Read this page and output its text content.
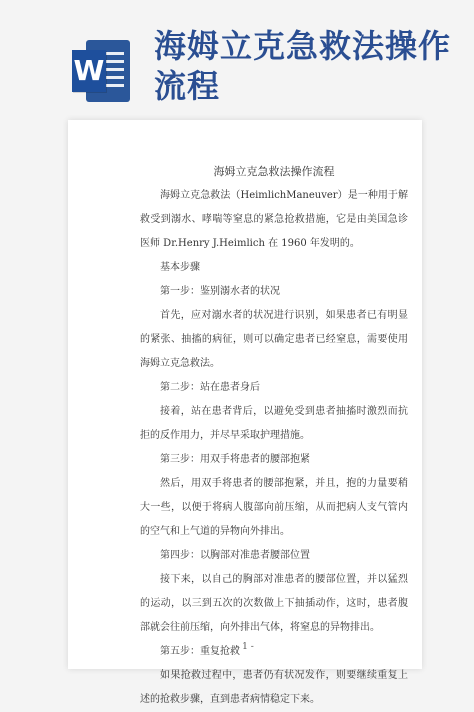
W
海姆立克急救法操作流程

海姆立克急救法操作流程

海姆立克急救法（HeimlichManeuver）是一种用于解救受到溺水、哮喘等窒息的紧急抢救措施，它是由美国急诊医师 Dr.Henry J.Heimlich 在 1960 年发明的。

基本步骤

第一步：鉴别溺水者的状况

首先，应对溺水者的状况进行识别，如果患者已有明显的紧张、抽搐的病征，则可以确定患者已经窒息，需要使用海姆立克急救法。

第二步：站在患者身后

接着，站在患者背后，以避免受到患者抽搐时激烈而抗拒的反作用力，并尽早采取护理措施。

第三步：用双手将患者的腰部抱紧

然后，用双手将患者的腰部抱紧，并且，抱的力量要稍大一些，以便于将病人腹部向前压缩，从而把病人支气管内的空气和上气道的异物向外排出。

第四步：以胸部对准患者腰部位置

接下来，以自己的胸部对准患者的腰部位置，并以猛烈的运动，以三到五次的次数做上下抽插动作，这时，患者腹部就会往前压缩，向外排出气体，将窒息的异物排出。

第五步：重复抢救

如果抢救过程中，患者仍有状况发作，则要继续重复上述的抢救步骤，直到患者病情稳定下来。

- 1 -
